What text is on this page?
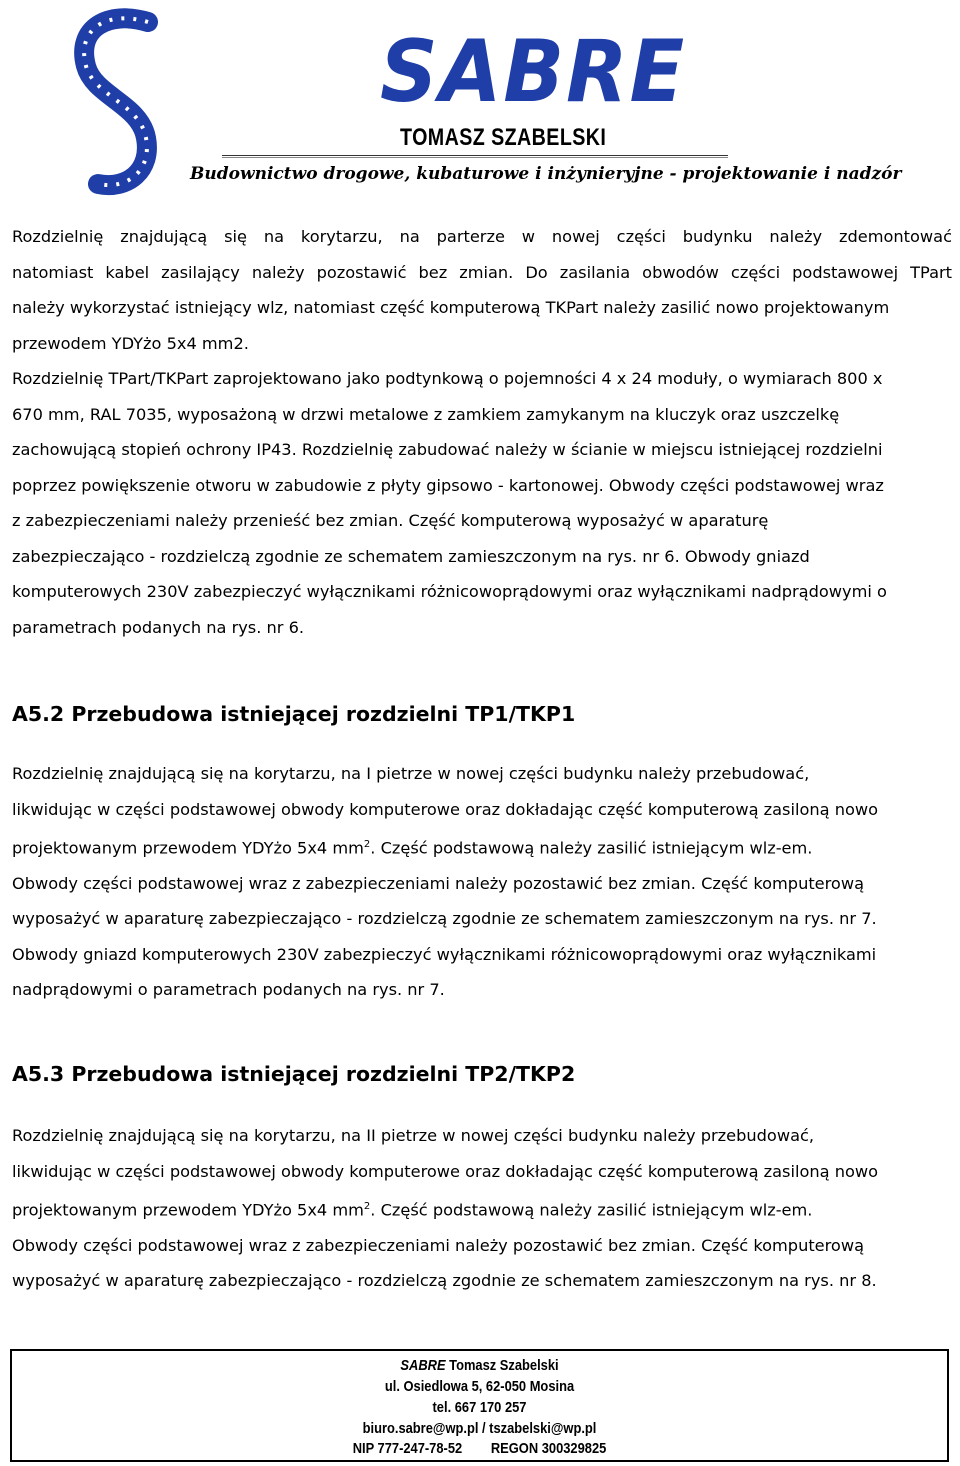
SABRE
TOMASZ SZABELSKI
Budownictwo drogowe, kubaturowe i inżynieryjne - projektowanie i nadzór
Rozdzielnię znajdującą się na korytarzu, na parterze w nowej części budynku należy zdemontować
natomiast kabel zasilający należy pozostawić bez zmian. Do zasilania obwodów części podstawowej TPart
należy wykorzystać istniejący wlz, natomiast część komputerową TKPart należy zasilić nowo projektowanym
przewodem YDYżo 5x4 mm2.
Rozdzielnię TPart/TKPart zaprojektowano jako podtynkową o pojemności 4 x 24 moduły, o wymiarach 800 x
670 mm, RAL 7035, wyposażoną w drzwi metalowe z zamkiem zamykanym na kluczyk oraz uszczelkę
zachowującą stopień ochrony IP43. Rozdzielnię zabudować należy w ścianie w miejscu istniejącej rozdzielni
poprzez powiększenie otworu w zabudowie z płyty gipsowo - kartonowej. Obwody części podstawowej wraz
z zabezpieczeniami należy przenieść bez zmian. Część komputerową wyposażyć w aparaturę
zabezpieczająco - rozdzielczą zgodnie ze schematem zamieszczonym na rys. nr 6. Obwody gniazd
komputerowych 230V zabezpieczyć wyłącznikami różnicowoprądowymi oraz wyłącznikami nadprądowymi o
parametrach podanych na rys. nr 6.
A5.2 Przebudowa istniejącej rozdzielni TP1/TKP1
Rozdzielnię znajdującą się na korytarzu, na I pietrze w nowej części budynku należy przebudować,
likwidując w części podstawowej obwody komputerowe oraz dokładając część komputerową zasiloną nowo
projektowanym przewodem YDYżo 5x4 $mm^2$. Część podstawową należy zasilić istniejącym wlz-em.
Obwody części podstawowej wraz z zabezpieczeniami należy pozostawić bez zmian. Część komputerową
wyposażyć w aparaturę zabezpieczająco - rozdzielczą zgodnie ze schematem zamieszczonym na rys. nr 7.
Obwody gniazd komputerowych 230V zabezpieczyć wyłącznikami różnicowoprądowymi oraz wyłącznikami
nadprądowymi o parametrach podanych na rys. nr 7.
A5.3 Przebudowa istniejącej rozdzielni TP2/TKP2
Rozdzielnię znajdującą się na korytarzu, na II pietrze w nowej części budynku należy przebudować,
likwidując w części podstawowej obwody komputerowe oraz dokładając część komputerową zasiloną nowo
projektowanym przewodem YDYżo 5x4 $mm^2$. Część podstawową należy zasilić istniejącym wlz-em.
Obwody części podstawowej wraz z zabezpieczeniami należy pozostawić bez zmian. Część komputerową
wyposażyć w aparaturę zabezpieczająco - rozdzielczą zgodnie ze schematem zamieszczonym na rys. nr 8.
SABRE Tomasz Szabelski
ul. Osiedlowa 5, 62-050 Mosina
tel. 667 170 257
biuro.sabre@wp.pl / tszabelski@wp.pl
NIP 777-247-78-52        REGON 300329825
